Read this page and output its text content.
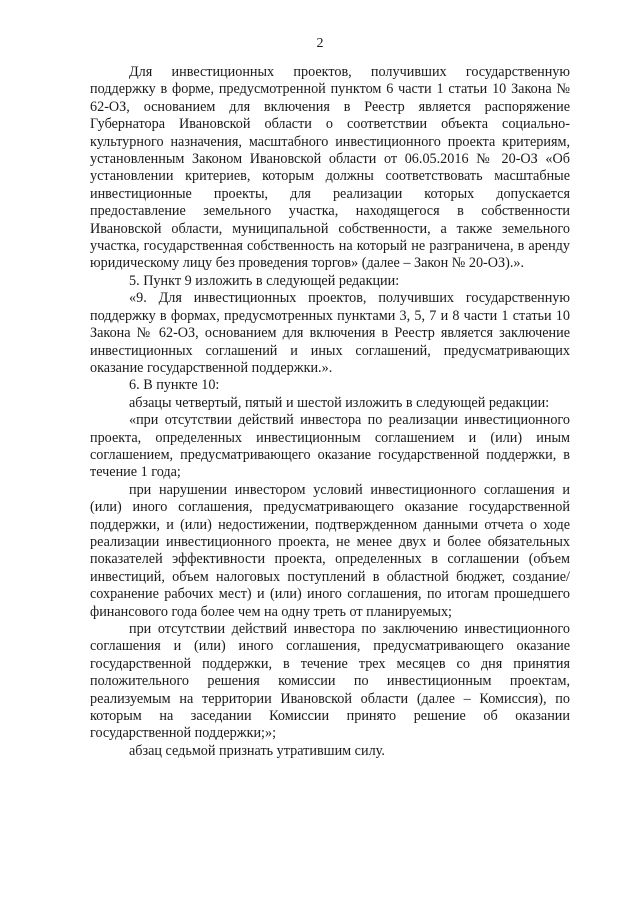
2

Для инвестиционных проектов, получивших государственную поддержку в форме, предусмотренной пунктом 6 части 1 статьи 10 Закона № 62-ОЗ, основанием для включения в Реестр является распоряжение Губернатора Ивановской области о соответствии объекта социально-культурного назначения, масштабного инвестиционного проекта критериям, установленным Законом Ивановской области от 06.05.2016 № 20-ОЗ «Об установлении критериев, которым должны соответствовать масштабные инвестиционные проекты, для реализации которых допускается предоставление земельного участка, находящегося в собственности Ивановской области, муниципальной собственности, а также земельного участка, государственная собственность на который не разграничена, в аренду юридическому лицу без проведения торгов» (далее – Закон № 20-ОЗ).».

5. Пункт 9 изложить в следующей редакции:

«9. Для инвестиционных проектов, получивших государственную поддержку в формах, предусмотренных пунктами 3, 5, 7 и 8 части 1 статьи 10 Закона № 62-ОЗ, основанием для включения в Реестр является заключение инвестиционных соглашений и иных соглашений, предусматривающих оказание государственной поддержки.».

6. В пункте 10:

абзацы четвертый, пятый и шестой изложить в следующей редакции:

«при отсутствии действий инвестора по реализации инвестиционного проекта, определенных инвестиционным соглашением и (или) иным соглашением, предусматривающего оказание государственной поддержки, в течение 1 года;

при нарушении инвестором условий инвестиционного соглашения и (или) иного соглашения, предусматривающего оказание государственной поддержки, и (или) недостижении, подтвержденном данными отчета о ходе реализации инвестиционного проекта, не менее двух и более обязательных показателей эффективности проекта, определенных в соглашении (объем инвестиций, объем налоговых поступлений в областной бюджет, создание/сохранение рабочих мест) и (или) иного соглашения, по итогам прошедшего финансового года более чем на одну треть от планируемых;

при отсутствии действий инвестора по заключению инвестиционного соглашения и (или) иного соглашения, предусматривающего оказание государственной поддержки, в течение трех месяцев со дня принятия положительного решения комиссии по инвестиционным проектам, реализуемым на территории Ивановской области (далее – Комиссия), по которым на заседании Комиссии принято решение об оказании государственной поддержки;»;

абзац седьмой признать утратившим силу.
